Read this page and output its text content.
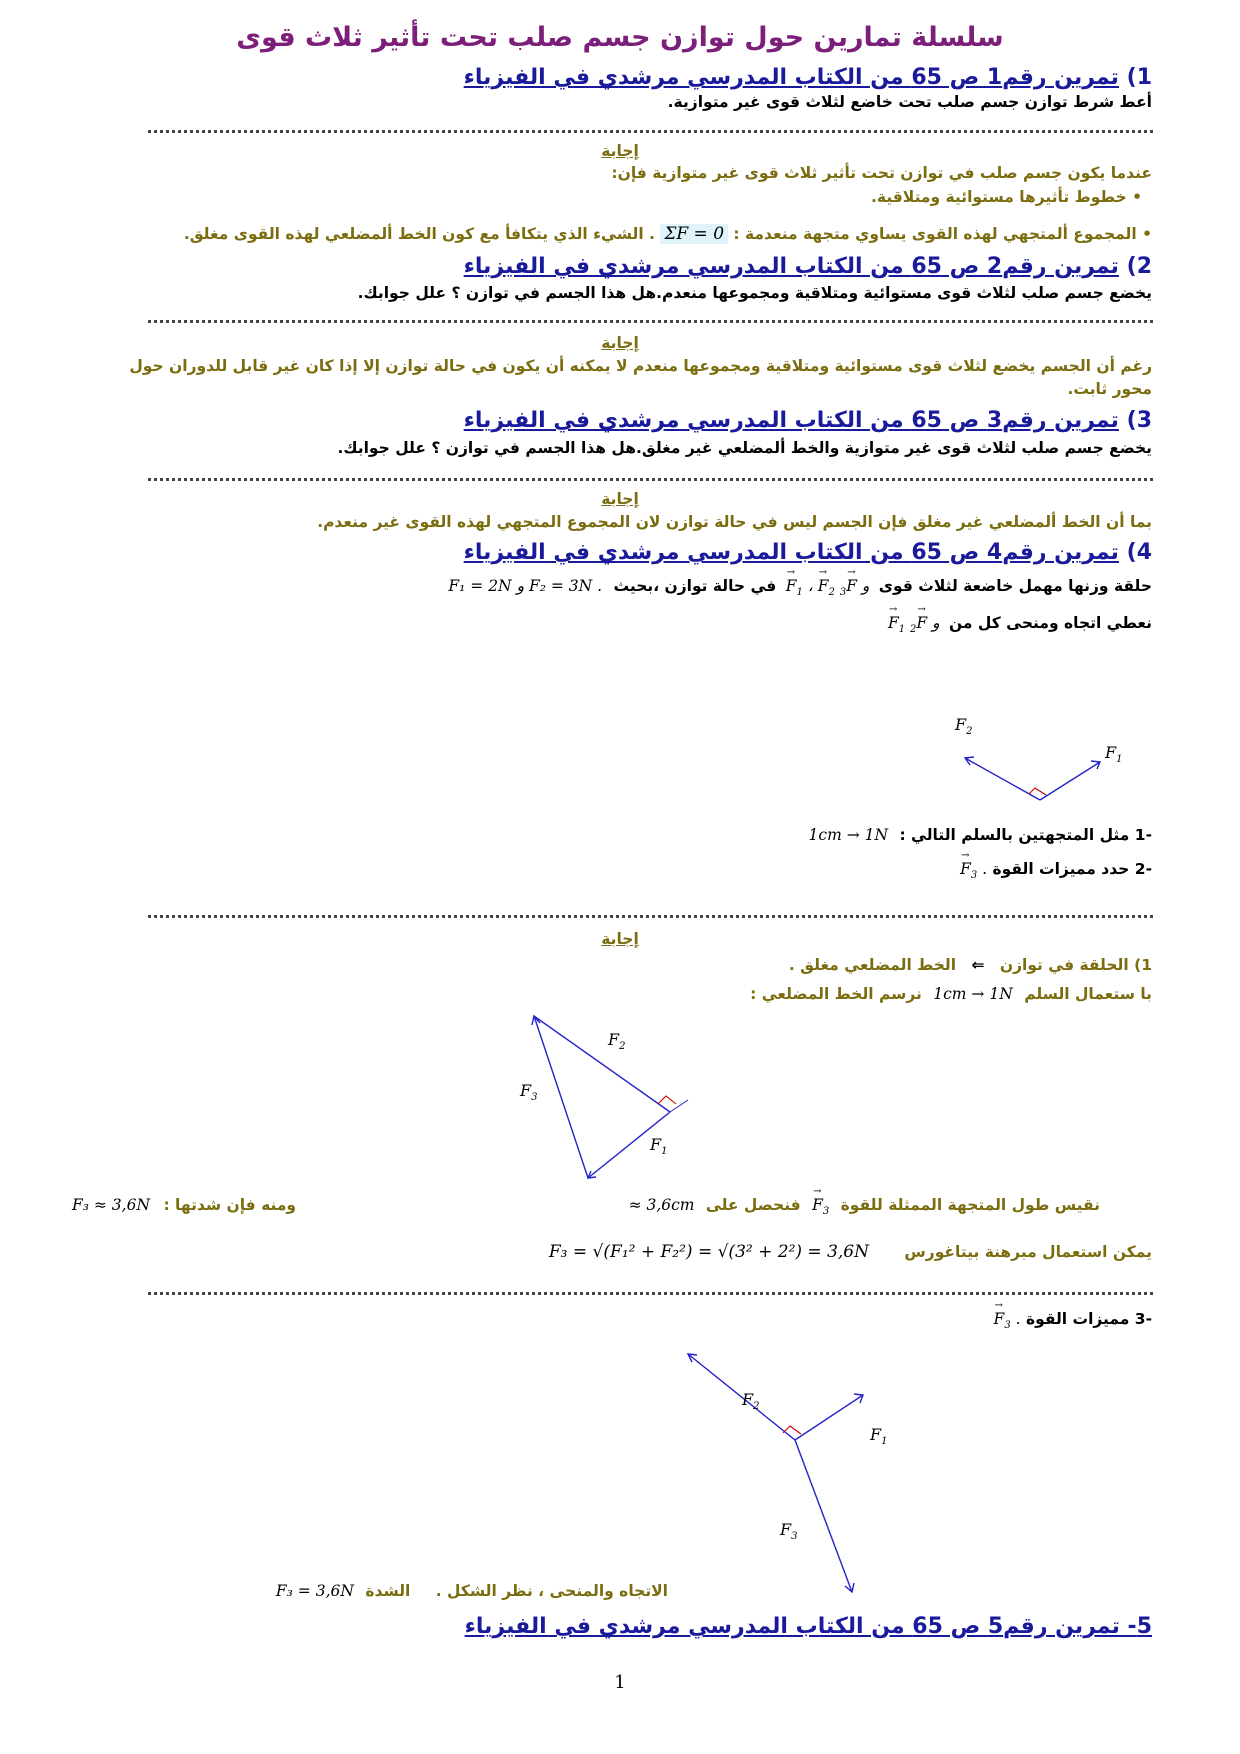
سلسلة تمارين حول توازن جسم صلب تحت تأثير ثلاث قوى
1) تمرين رقم1 ص 65 من الكتاب المدرسي مرشدي في الفيزياء
أعط شرط توازن جسم صلب تحت خاضع لثلاث قوى غير متوازية.
إجابة
عندما يكون جسم صلب في توازن تحت تأثير ثلاث قوى غير متوازية فإن:
• خطوط تأثيرها مستوائية ومتلاقية.
• المجموع ألمتجهي لهذه القوى يساوي متجهة منعدمة : ΣF = 0 . الشيء الذي يتكافأ مع كون الخط ألمضلعي لهذه القوى مغلق.
2) تمرين رقم2 ص 65 من الكتاب المدرسي مرشدي في الفيزياء
يخضع جسم صلب لثلاث قوى مستوائية ومتلاقية ومجموعها منعدم.هل هذا الجسم في توازن ؟ علل جوابك.
إجابة
رغم أن الجسم يخضع لثلاث قوى مستوائية ومتلاقية ومجموعها منعدم لا يمكنه أن يكون في حالة توازن إلا إذا كان غير قابل للدوران حول
محور ثابت.
3) تمرين رقم3 ص 65 من الكتاب المدرسي مرشدي في الفيزياء
يخضع جسم صلب لثلاث قوى غير متوازية والخط ألمضلعي غير مغلق.هل هذا الجسم في توازن ؟ علل جوابك.
إجابة
بما أن الخط ألمضلعي غير مغلق فإن الجسم ليس في حالة توازن لان المجموع المتجهي لهذه القوى غير منعدم.
4) تمرين رقم4 ص 65 من الكتاب المدرسي مرشدي في الفيزياء
حلقة وزنها مهمل خاضعة لثلاث قوى → $F_1$ ، → $F_2$ و → $F_3$ في حالة توازن ،بحيث F₁ = 2N و F₂ = 3N .
نعطي اتجاه ومنحى كل من → $F_1$ و → $F_2$
$F_2$
$F_1$
-1 مثل المتجهتين بالسلم التالي : 1cm → 1N
-2 حدد مميزات القوة → $F_3$ .
إجابة
1) الحلقة في توازن ⇐ الخط المضلعي مغلق .
با ستعمال السلم 1cm → 1N نرسم الخط المضلعي :
$F_2$
$F_3$
$F_1$
نقيس طول المتجهة الممثلة للقوة → $F_3$ فنحصل على ≈ 3,6cm
ومنه فإن شدتها : F₃ ≈ 3,6N
يمكن استعمال مبرهنة بيتاغورس F₃ = √(F₁² + F₂²) = √(3² + 2²) = 3,6N
-3 مميزات القوة → $F_3$ .
$F_2$
$F_1$
$F_3$
الاتجاه والمنحى ، نظر الشكل . الشدة F₃ = 3,6N
5- تمرين رقم5 ص 65 من الكتاب المدرسي مرشدي في الفيزياء
1
